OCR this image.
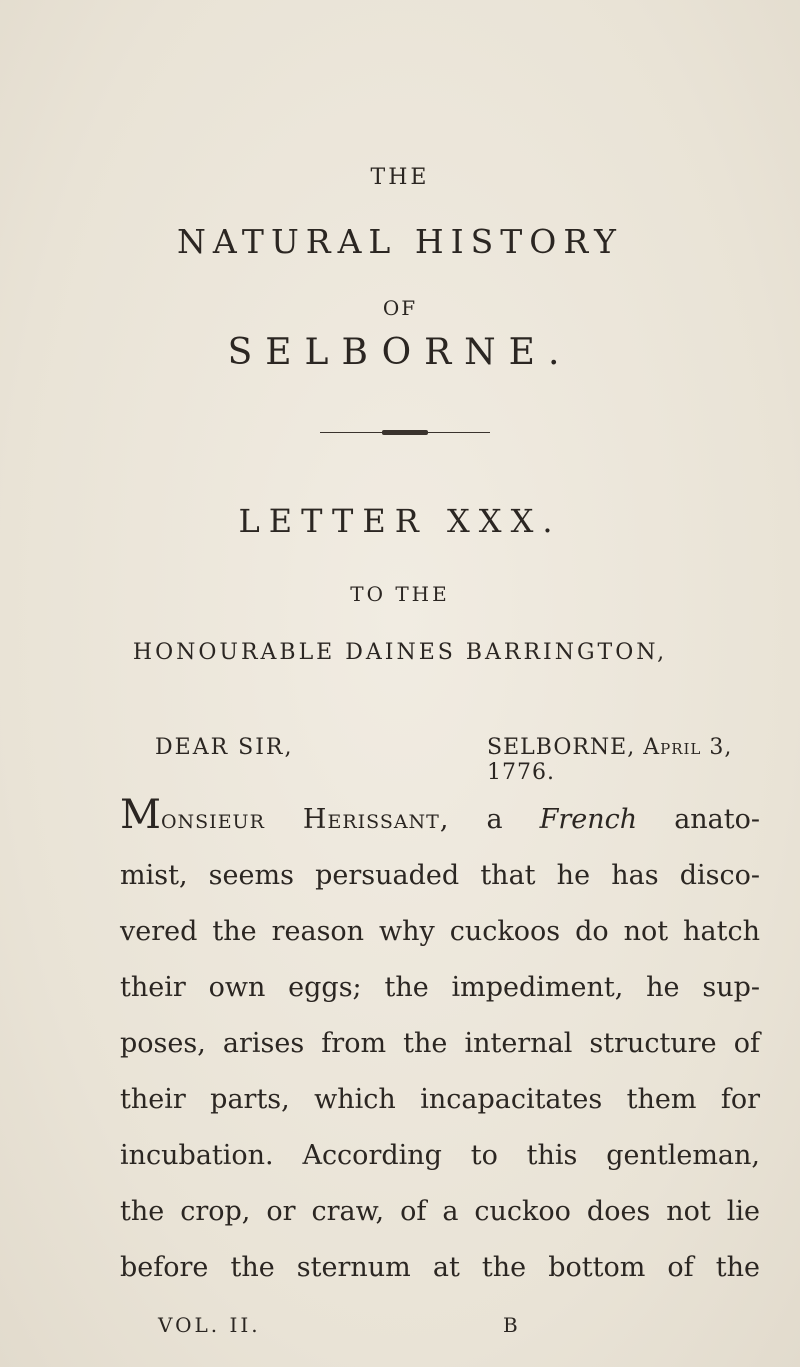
THE
NATURAL HISTORY
OF
SELBORNE.
LETTER XXX.
TO THE
HONOURABLE DAINES BARRINGTON,
DEAR SIR,	SELBORNE, April 3, 1776.
Monsieur Herissant, a French anato-
mist, seems persuaded that he has disco-
vered the reason why cuckoos do not hatch
their own eggs; the impediment, he sup-
poses, arises from the internal structure of
their parts, which incapacitates them for
incubation. According to this gentleman,
the crop, or craw, of a cuckoo does not lie
before the sternum at the bottom of the
VOL. II.	B
